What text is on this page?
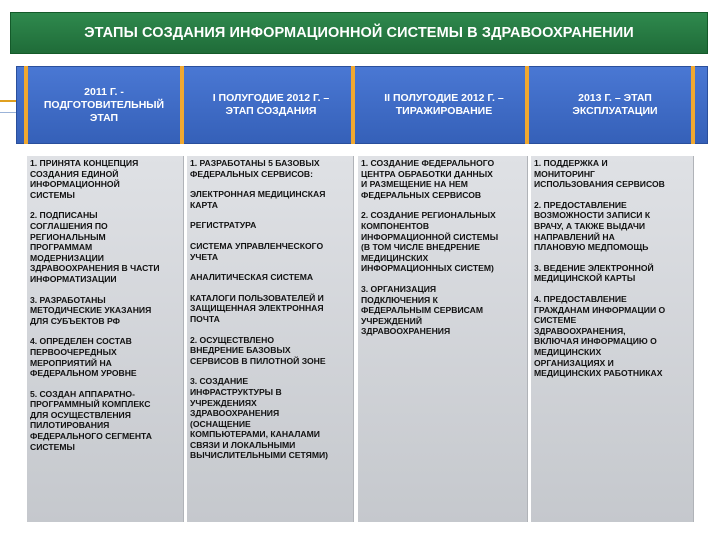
ЭТАПЫ СОЗДАНИЯ ИНФОРМАЦИОННОЙ СИСТЕМЫ В ЗДРАВООХРАНЕНИИ
2011 Г. -
ПОДГОТОВИТЕЛЬНЫЙ
ЭТАП
I ПОЛУГОДИЕ 2012 Г. –
ЭТАП СОЗДАНИЯ
II ПОЛУГОДИЕ 2012 Г. –
ТИРАЖИРОВАНИЕ
2013 Г. – ЭТАП
ЭКСПЛУАТАЦИИ

1. ПРИНЯТА КОНЦЕПЦИЯ
СОЗДАНИЯ ЕДИНОЙ
ИНФОРМАЦИОННОЙ
СИСТЕМЫ

2. ПОДПИСАНЫ
СОГЛАШЕНИЯ ПО
РЕГИОНАЛЬНЫМ
ПРОГРАММАМ
МОДЕРНИЗАЦИИ
ЗДРАВООХРАНЕНИЯ В ЧАСТИ
ИНФОРМАТИЗАЦИИ

3. РАЗРАБОТАНЫ
МЕТОДИЧЕСКИЕ УКАЗАНИЯ
ДЛЯ СУБЪЕКТОВ РФ

4. ОПРЕДЕЛЕН СОСТАВ
ПЕРВООЧЕРЕДНЫХ
МЕРОПРИЯТИЙ НА
ФЕДЕРАЛЬНОМ УРОВНЕ

5. СОЗДАН АППАРАТНО-
ПРОГРАММНЫЙ КОМПЛЕКС
ДЛЯ ОСУЩЕСТВЛЕНИЯ
ПИЛОТИРОВАНИЯ
ФЕДЕРАЛЬНОГО СЕГМЕНТА
СИСТЕМЫ

1. РАЗРАБОТАНЫ 5 БАЗОВЫХ
ФЕДЕРАЛЬНЫХ СЕРВИСОВ:

ЭЛЕКТРОННАЯ МЕДИЦИНСКАЯ
КАРТА

РЕГИСТРАТУРА

СИСТЕМА УПРАВЛЕНЧЕСКОГО
УЧЕТА

АНАЛИТИЧЕСКАЯ СИСТЕМА

КАТАЛОГИ ПОЛЬЗОВАТЕЛЕЙ И
ЗАЩИЩЕННАЯ ЭЛЕКТРОННАЯ
ПОЧТА

2. ОСУЩЕСТВЛЕНО
ВНЕДРЕНИЕ БАЗОВЫХ
СЕРВИСОВ В ПИЛОТНОЙ ЗОНЕ

3. СОЗДАНИЕ
ИНФРАСТРУКТУРЫ В
УЧРЕЖДЕНИЯХ
ЗДРАВООХРАНЕНИЯ
(ОСНАЩЕНИЕ
КОМПЬЮТЕРАМИ, КАНАЛАМИ
СВЯЗИ И ЛОКАЛЬНЫМИ
ВЫЧИСЛИТЕЛЬНЫМИ СЕТЯМИ)

1. СОЗДАНИЕ ФЕДЕРАЛЬНОГО
ЦЕНТРА ОБРАБОТКИ ДАННЫХ
И РАЗМЕЩЕНИЕ НА НЕМ
ФЕДЕРАЛЬНЫХ СЕРВИСОВ

2. СОЗДАНИЕ РЕГИОНАЛЬНЫХ
КОМПОНЕНТОВ
ИНФОРМАЦИОННОЙ СИСТЕМЫ
(В ТОМ ЧИСЛЕ ВНЕДРЕНИЕ
МЕДИЦИНСКИХ
ИНФОРМАЦИОННЫХ СИСТЕМ)

3. ОРГАНИЗАЦИЯ
ПОДКЛЮЧЕНИЯ К
ФЕДЕРАЛЬНЫМ СЕРВИСАМ
УЧРЕЖДЕНИЙ
ЗДРАВООХРАНЕНИЯ

1. ПОДДЕРЖКА И
МОНИТОРИНГ
ИСПОЛЬЗОВАНИЯ СЕРВИСОВ

2. ПРЕДОСТАВЛЕНИЕ
ВОЗМОЖНОСТИ ЗАПИСИ К
ВРАЧУ, А ТАКЖЕ ВЫДАЧИ
НАПРАВЛЕНИЙ НА
ПЛАНОВУЮ МЕДПОМОЩЬ

3. ВЕДЕНИЕ ЭЛЕКТРОННОЙ
МЕДИЦИНСКОЙ КАРТЫ

4. ПРЕДОСТАВЛЕНИЕ
ГРАЖДАНАМ ИНФОРМАЦИИ О
СИСТЕМЕ
ЗДРАВООХРАНЕНИЯ,
ВКЛЮЧАЯ ИНФОРМАЦИЮ О
МЕДИЦИНСКИХ
ОРГАНИЗАЦИЯХ И
МЕДИЦИНСКИХ РАБОТНИКАХ
